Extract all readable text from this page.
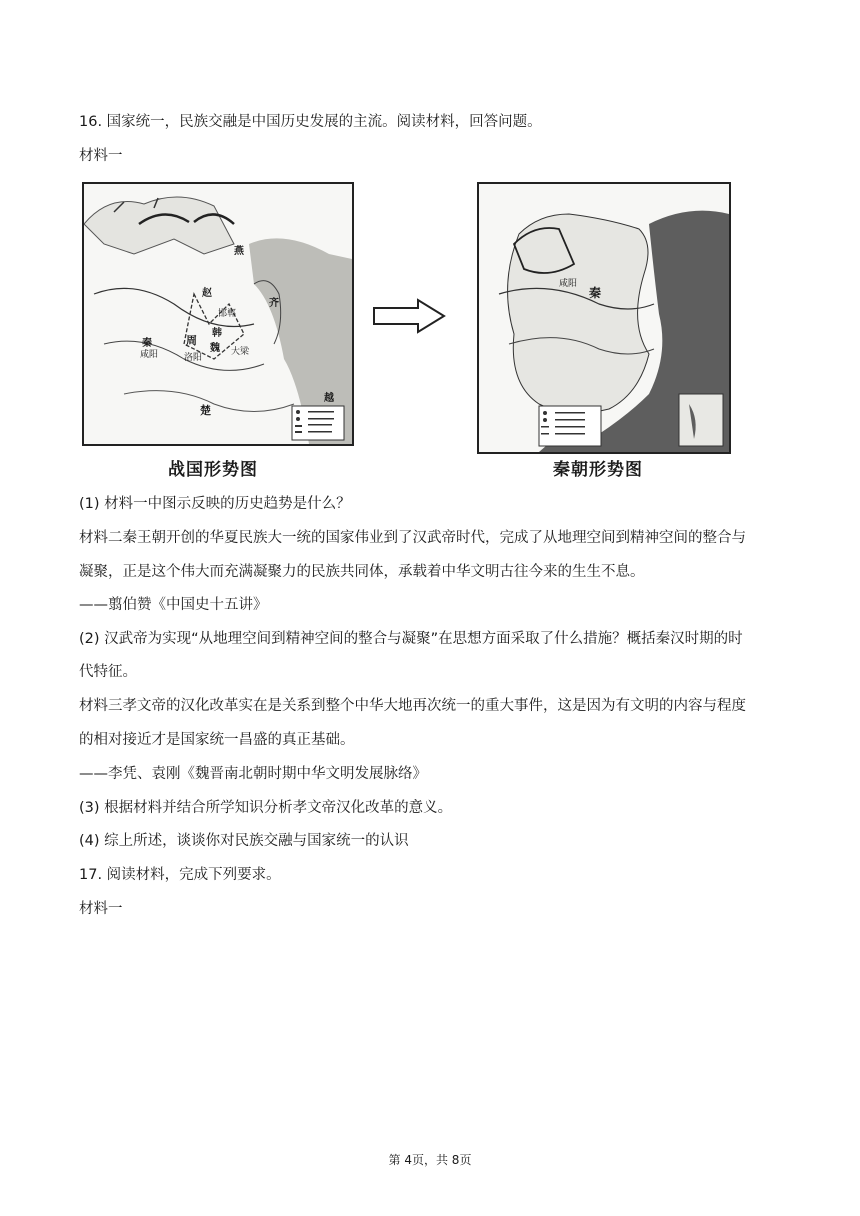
16. 国家统一，民族交融是中国历史发展的主流。阅读材料，回答问题。
材料一
燕
赵
齐
韩
周
魏
秦
咸阳	洛阳
大梁
邯郸
楚
越
战国形势图
咸阳
秦
秦朝形势图
(1) 材料一中图示反映的历史趋势是什么？
材料二秦王朝开创的华夏民族大一统的国家伟业到了汉武帝时代，完成了从地理空间到精神空间的整合与
凝聚，正是这个伟大而充满凝聚力的民族共同体，承载着中华文明古往今来的生生不息。
——翦伯赞《中国史十五讲》
(2) 汉武帝为实现“从地理空间到精神空间的整合与凝聚”在思想方面采取了什么措施？概括秦汉时期的时
代特征。
材料三孝文帝的汉化改革实在是关系到整个中华大地再次统一的重大事件，这是因为有文明的内容与程度
的相对接近才是国家统一昌盛的真正基础。
——李凭、袁刚《魏晋南北朝时期中华文明发展脉络》
(3) 根据材料并结合所学知识分析孝文帝汉化改革的意义。
(4) 综上所述，谈谈你对民族交融与国家统一的认识
17. 阅读材料，完成下列要求。
材料一
第 4页，共 8页
